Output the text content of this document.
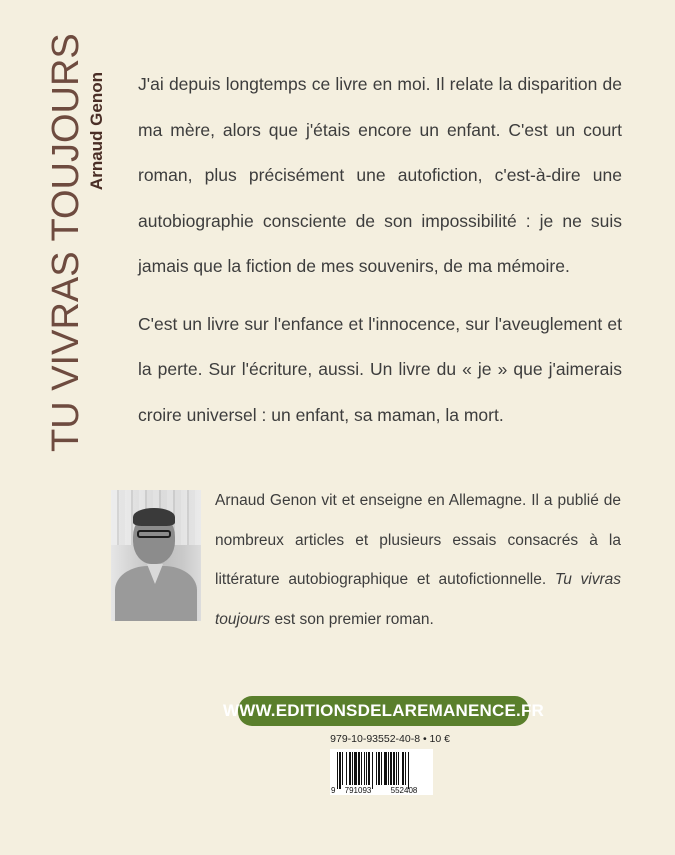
TU VIVRAS TOUJOURS Arnaud Genon J'ai depuis longtemps ce livre en moi. Il relate la disparition de ma mère, alors que j'étais encore un enfant. C'est un court roman, plus précisément une autofiction, c'est-à-dire une autobiographie consciente de son impossibilité : je ne suis jamais que la fiction de mes souvenirs, de ma mémoire.

C'est un livre sur l'enfance et l'innocence, sur l'aveuglement et la perte. Sur l'écriture, aussi. Un livre du « je » que j'aimerais croire universel : un enfant, sa maman, la mort.

Arnaud Genon vit et enseigne en Allemagne. Il a publié de nombreux articles et plusieurs essais consacrés à la littérature autobiographique et autofictionnelle. Tu vivras toujours est son premier roman.
WWW.EDITIONSDELAREMANENCE.FR
979-10-93552-40-8 • 10 €
9 791093 552408
